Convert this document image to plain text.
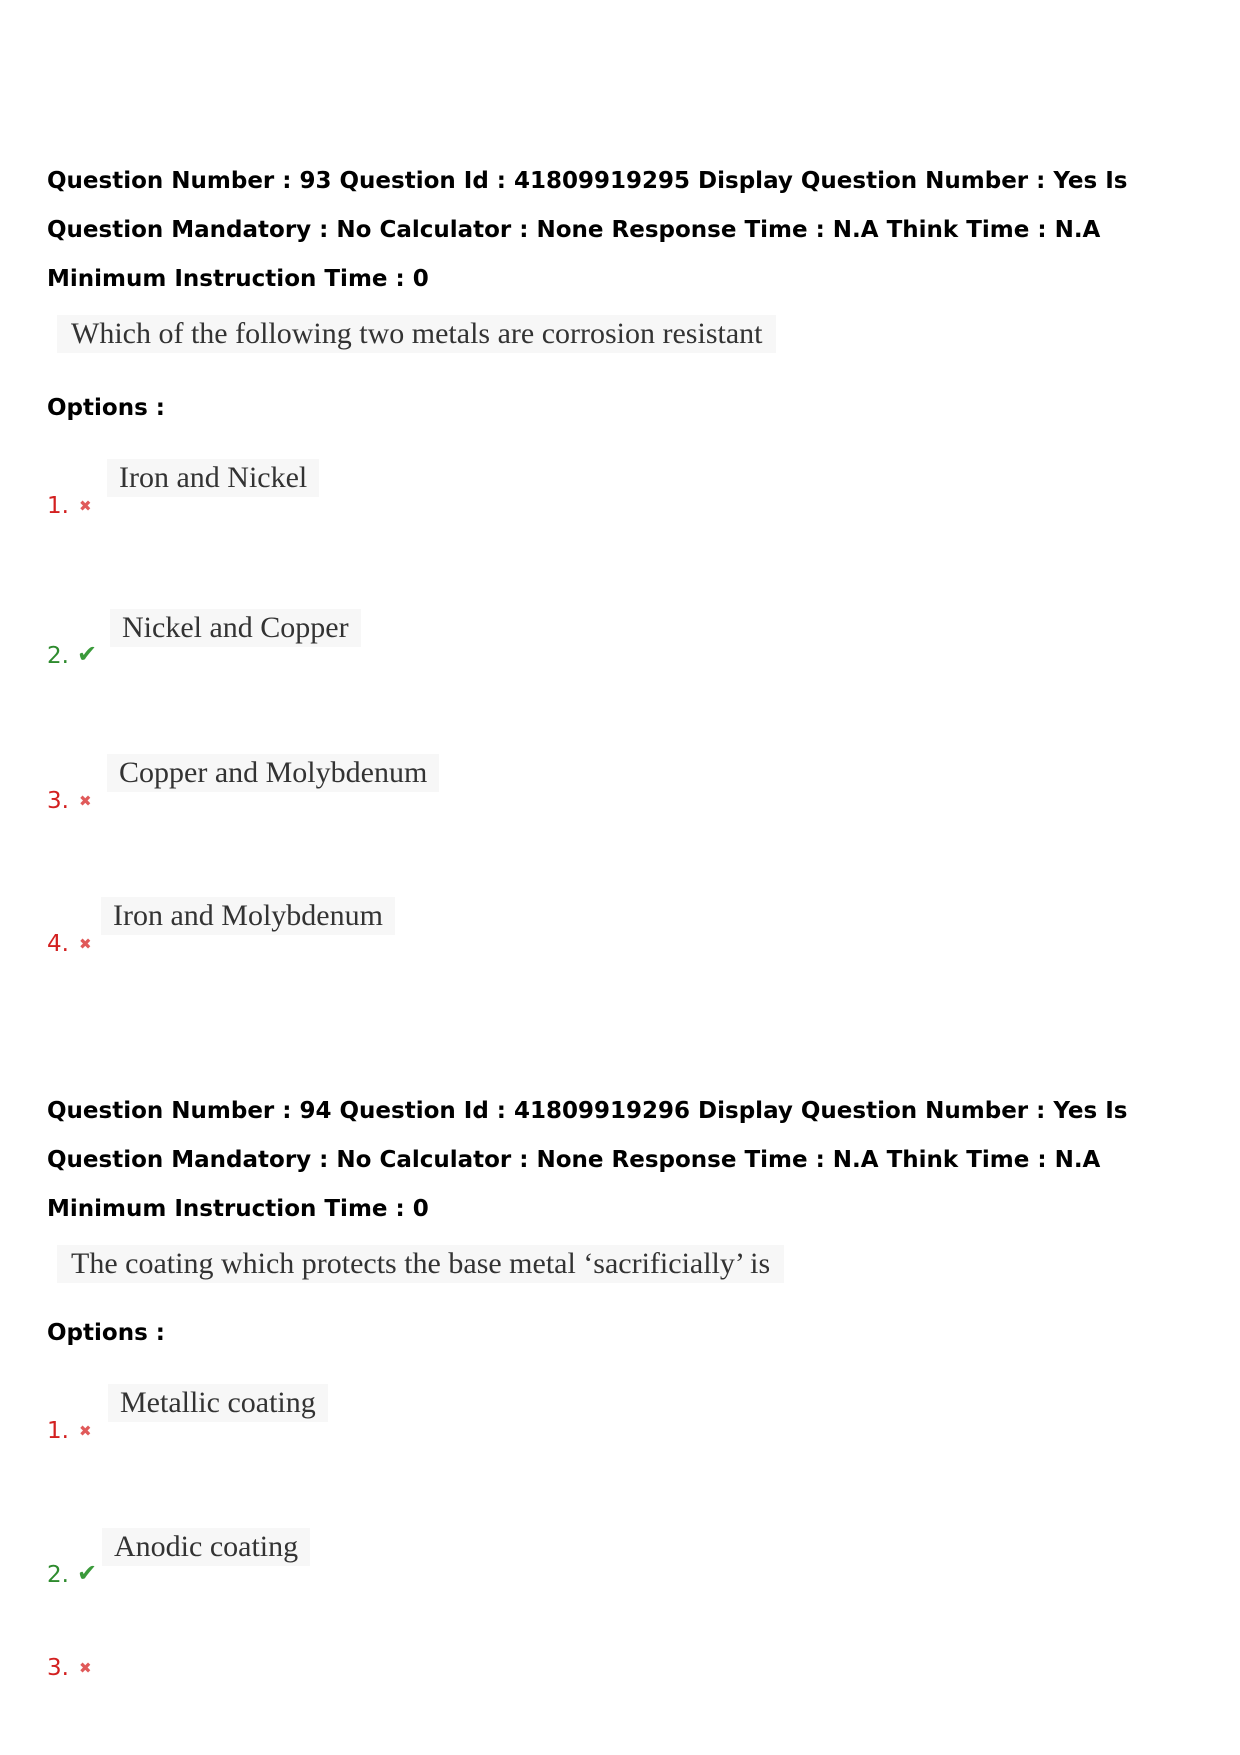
Question Number : 93 Question Id : 41809919295 Display Question Number : Yes Is Question Mandatory : No Calculator : None Response Time : N.A Think Time : N.A Minimum Instruction Time : 0

Which of the following two metals are corrosion resistant
Options :
1. ✖
Iron and Nickel
2. ✔
Nickel and Copper
3. ✖
Copper and Molybdenum
4. ✖
Iron and Molybdenum

Question Number : 94 Question Id : 41809919296 Display Question Number : Yes Is Question Mandatory : No Calculator : None Response Time : N.A Think Time : N.A Minimum Instruction Time : 0

The coating which protects the base metal ‘sacrificially’ is
Options :
1. ✖
Metallic coating
2. ✔
Anodic coating
3. ✖
